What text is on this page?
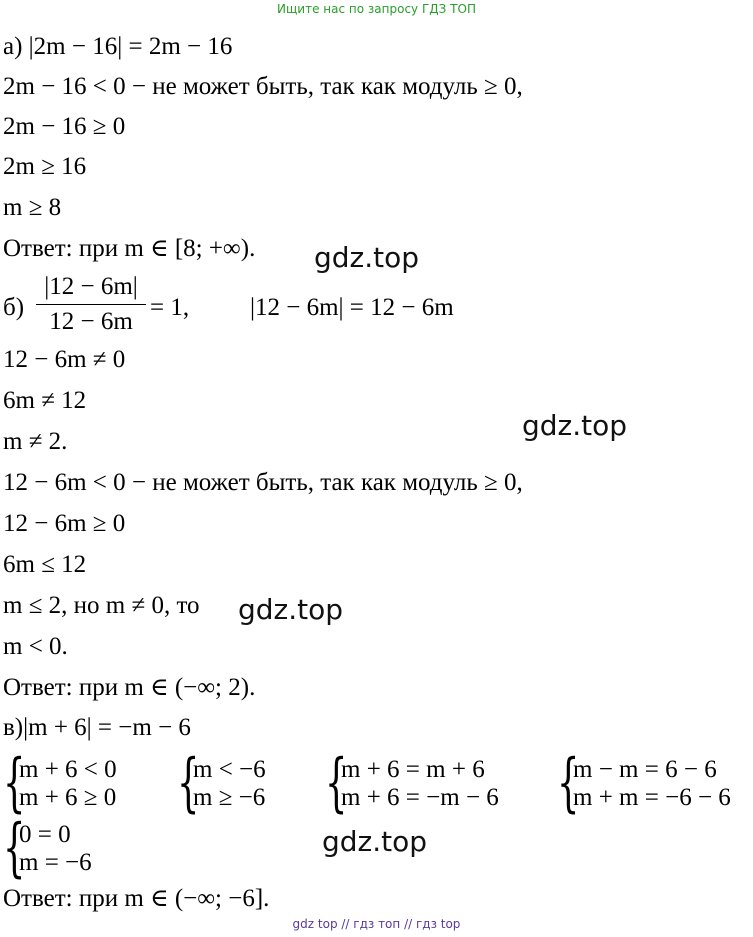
Ищите нас по запросу ГДЗ ТОП
а) |2m − 16| = 2m − 16
2m − 16 < 0 − не может быть, так как модуль ≥ 0,
2m − 16 ≥ 0
2m ≥ 16
m ≥ 8
Ответ: при m ∈ [8; +∞). gdz.top
$б) \frac{|12 - 6m|}{12 - 6m} = 1$, |12 − 6m| = 12 − 6m
12 − 6m ≠ 0
6m ≠ 12
m ≠ 2.	gdz.top
12 − 6m < 0 − не может быть, так как модуль ≥ 0,
12 − 6m ≥ 0
6m ≤ 12
m ≤ 2, но m ≠ 0, то gdz.top
m < 0.
Ответ: при m ∈ (−∞; 2).
в)|m + 6| = −m − 6
{
m + 6 < 0
m + 6 ≥ 0 {
m < −6
m ≥ −6 {
m + 6 = m + 6
m + 6 = −m − 6 {
m − m = 6 − 6
m + m = −6 − 6
{
0 = 0
m = −6
gdz.top
Ответ: при m ∈ (−∞; −6].
gdz top // гдз топ // гдз top
